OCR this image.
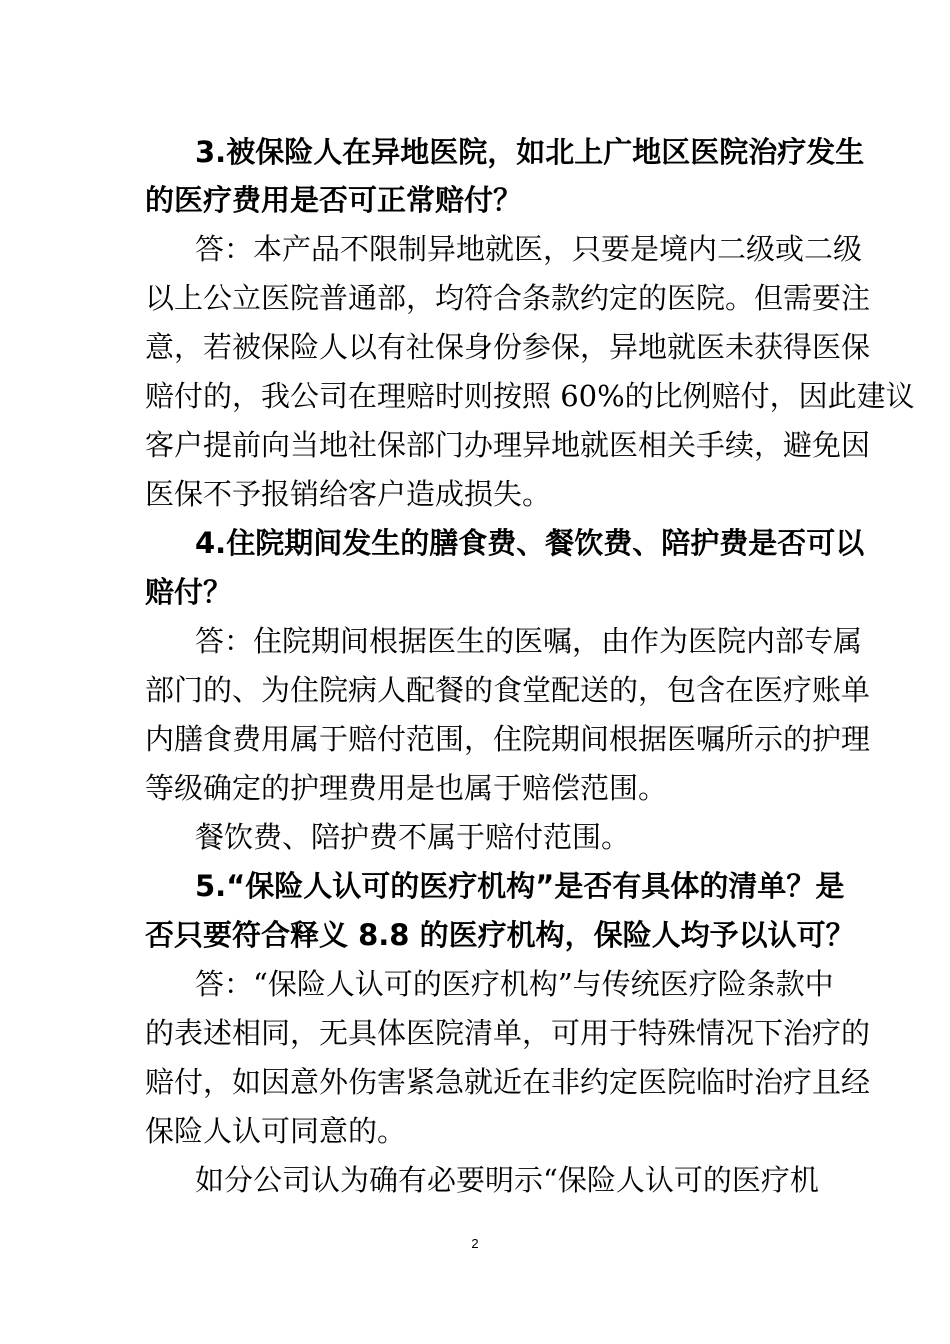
3.被保险人在异地医院，如北上广地区医院治疗发生
的医疗费用是否可正常赔付？
答：本产品不限制异地就医，只要是境内二级或二级
以上公立医院普通部，均符合条款约定的医院。但需要注
意，若被保险人以有社保身份参保，异地就医未获得医保
赔付的，我公司在理赔时则按照 60%的比例赔付，因此建议
客户提前向当地社保部门办理异地就医相关手续，避免因
医保不予报销给客户造成损失。
4.住院期间发生的膳食费、餐饮费、陪护费是否可以
赔付？
答：住院期间根据医生的医嘱，由作为医院内部专属
部门的、为住院病人配餐的食堂配送的，包含在医疗账单
内膳食费用属于赔付范围，住院期间根据医嘱所示的护理
等级确定的护理费用是也属于赔偿范围。
餐饮费、陪护费不属于赔付范围。
5.“保险人认可的医疗机构”是否有具体的清单？是
否只要符合释义 8.8 的医疗机构，保险人均予以认可？
答：“保险人认可的医疗机构”与传统医疗险条款中
的表述相同，无具体医院清单，可用于特殊情况下治疗的
赔付，如因意外伤害紧急就近在非约定医院临时治疗且经
保险人认可同意的。
如分公司认为确有必要明示“保险人认可的医疗机
2
